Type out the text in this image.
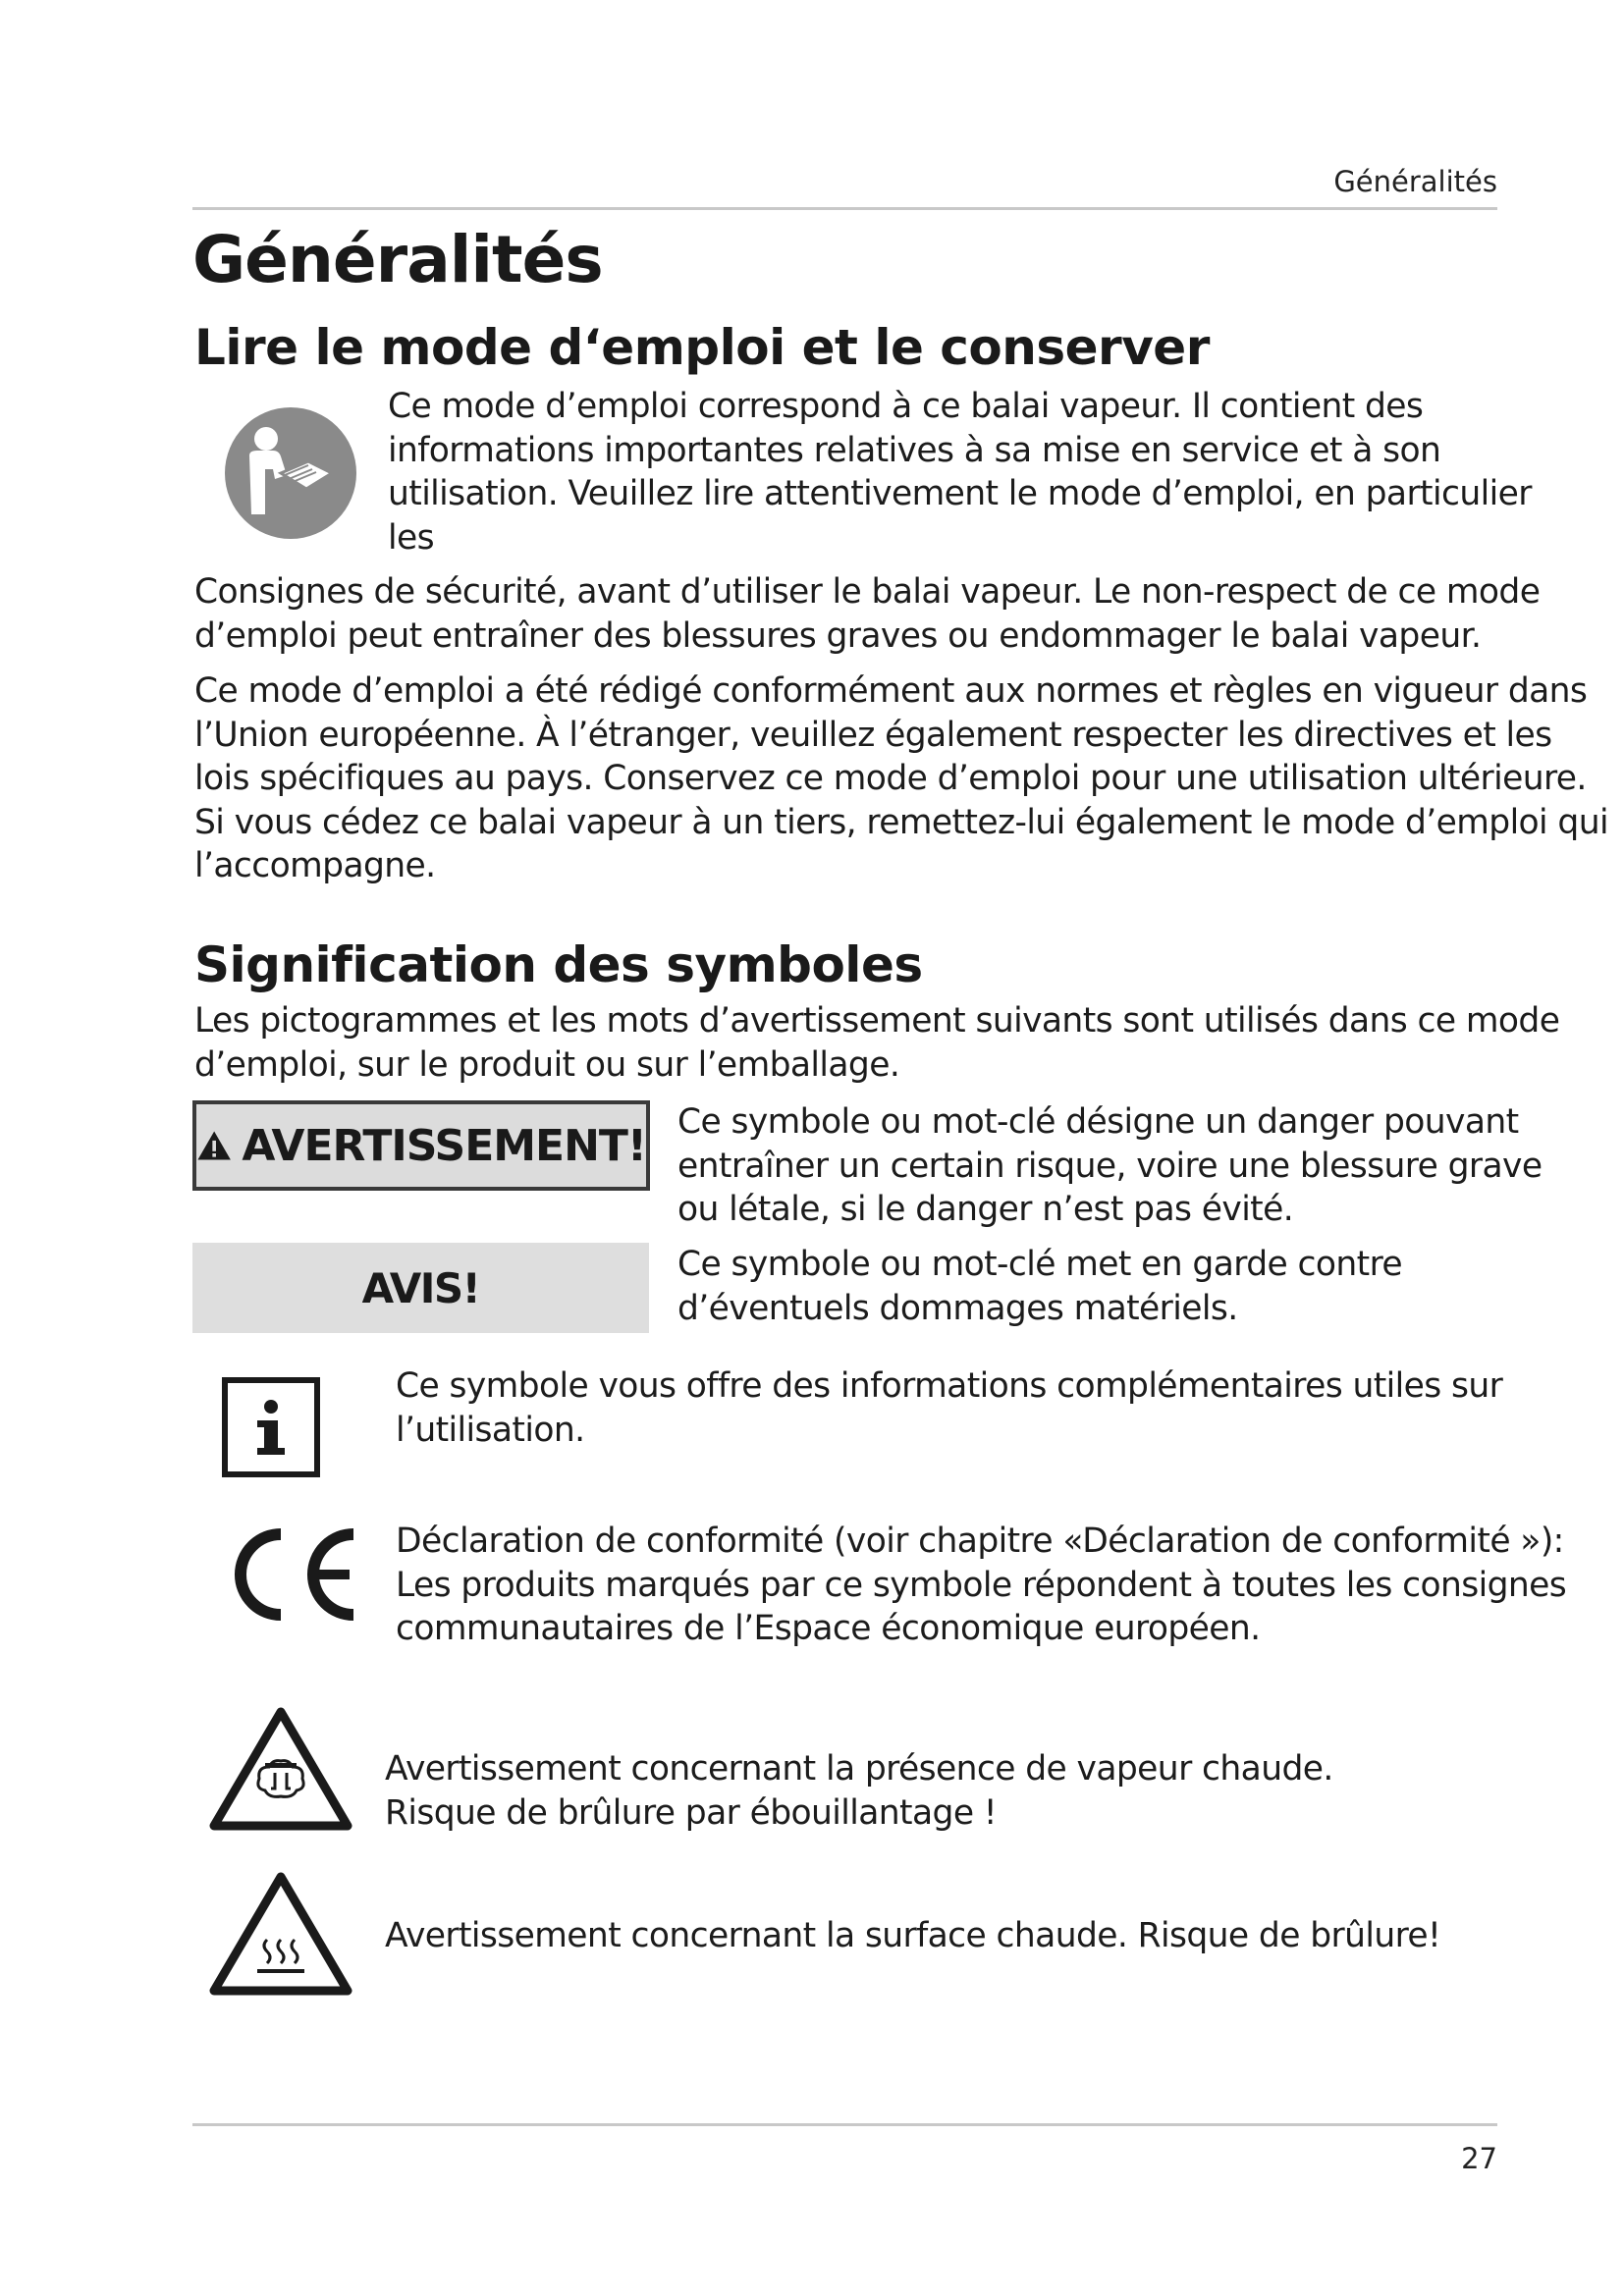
Généralités
Généralités
Lire le mode d‘emploi et le conserver

Ce mode d’emploi correspond à ce balai vapeur. Il contient des

informations importantes relatives à sa mise en service et à son

utilisation. Veuillez lire attentivement le mode d’emploi, en particulier

les

Consignes de sécurité, avant d’utiliser le balai vapeur. Le non-respect de ce mode

d’emploi peut entraîner des blessures graves ou endommager le balai vapeur.

Ce mode d’emploi a été rédigé conformément aux normes et règles en vigueur dans

l’Union européenne. À l’étranger, veuillez également respecter les directives et les

lois spécifiques au pays. Conservez ce mode d’emploi pour une utilisation ultérieure.

Si vous cédez ce balai vapeur à un tiers, remettez-lui également le mode d’emploi qui

l’accompagne.

Signification des symboles

Les pictogrammes et les mots d’avertissement suivants sont utilisés dans ce mode

d’emploi, sur le produit ou sur l’emballage.

AVERTISSEMENT! Ce symbole ou mot-clé désigne un danger pouvant

entraîner un certain risque, voire une blessure grave

ou létale, si le danger n’est pas évité.

AVIS!	Ce symbole ou mot-clé met en garde contre

d’éventuels dommages matériels.

Ce symbole vous offre des informations complémentaires utiles sur

l’utilisation.

Déclaration de conformité (voir chapitre «Déclaration de conformité »):

Les produits marqués par ce symbole répondent à toutes les consignes

communautaires de l’Espace économique européen.

Avertissement concernant la présence de vapeur chaude.

Risque de brûlure par ébouillantage !

Avertissement concernant la surface chaude. Risque de brûlure!

27
